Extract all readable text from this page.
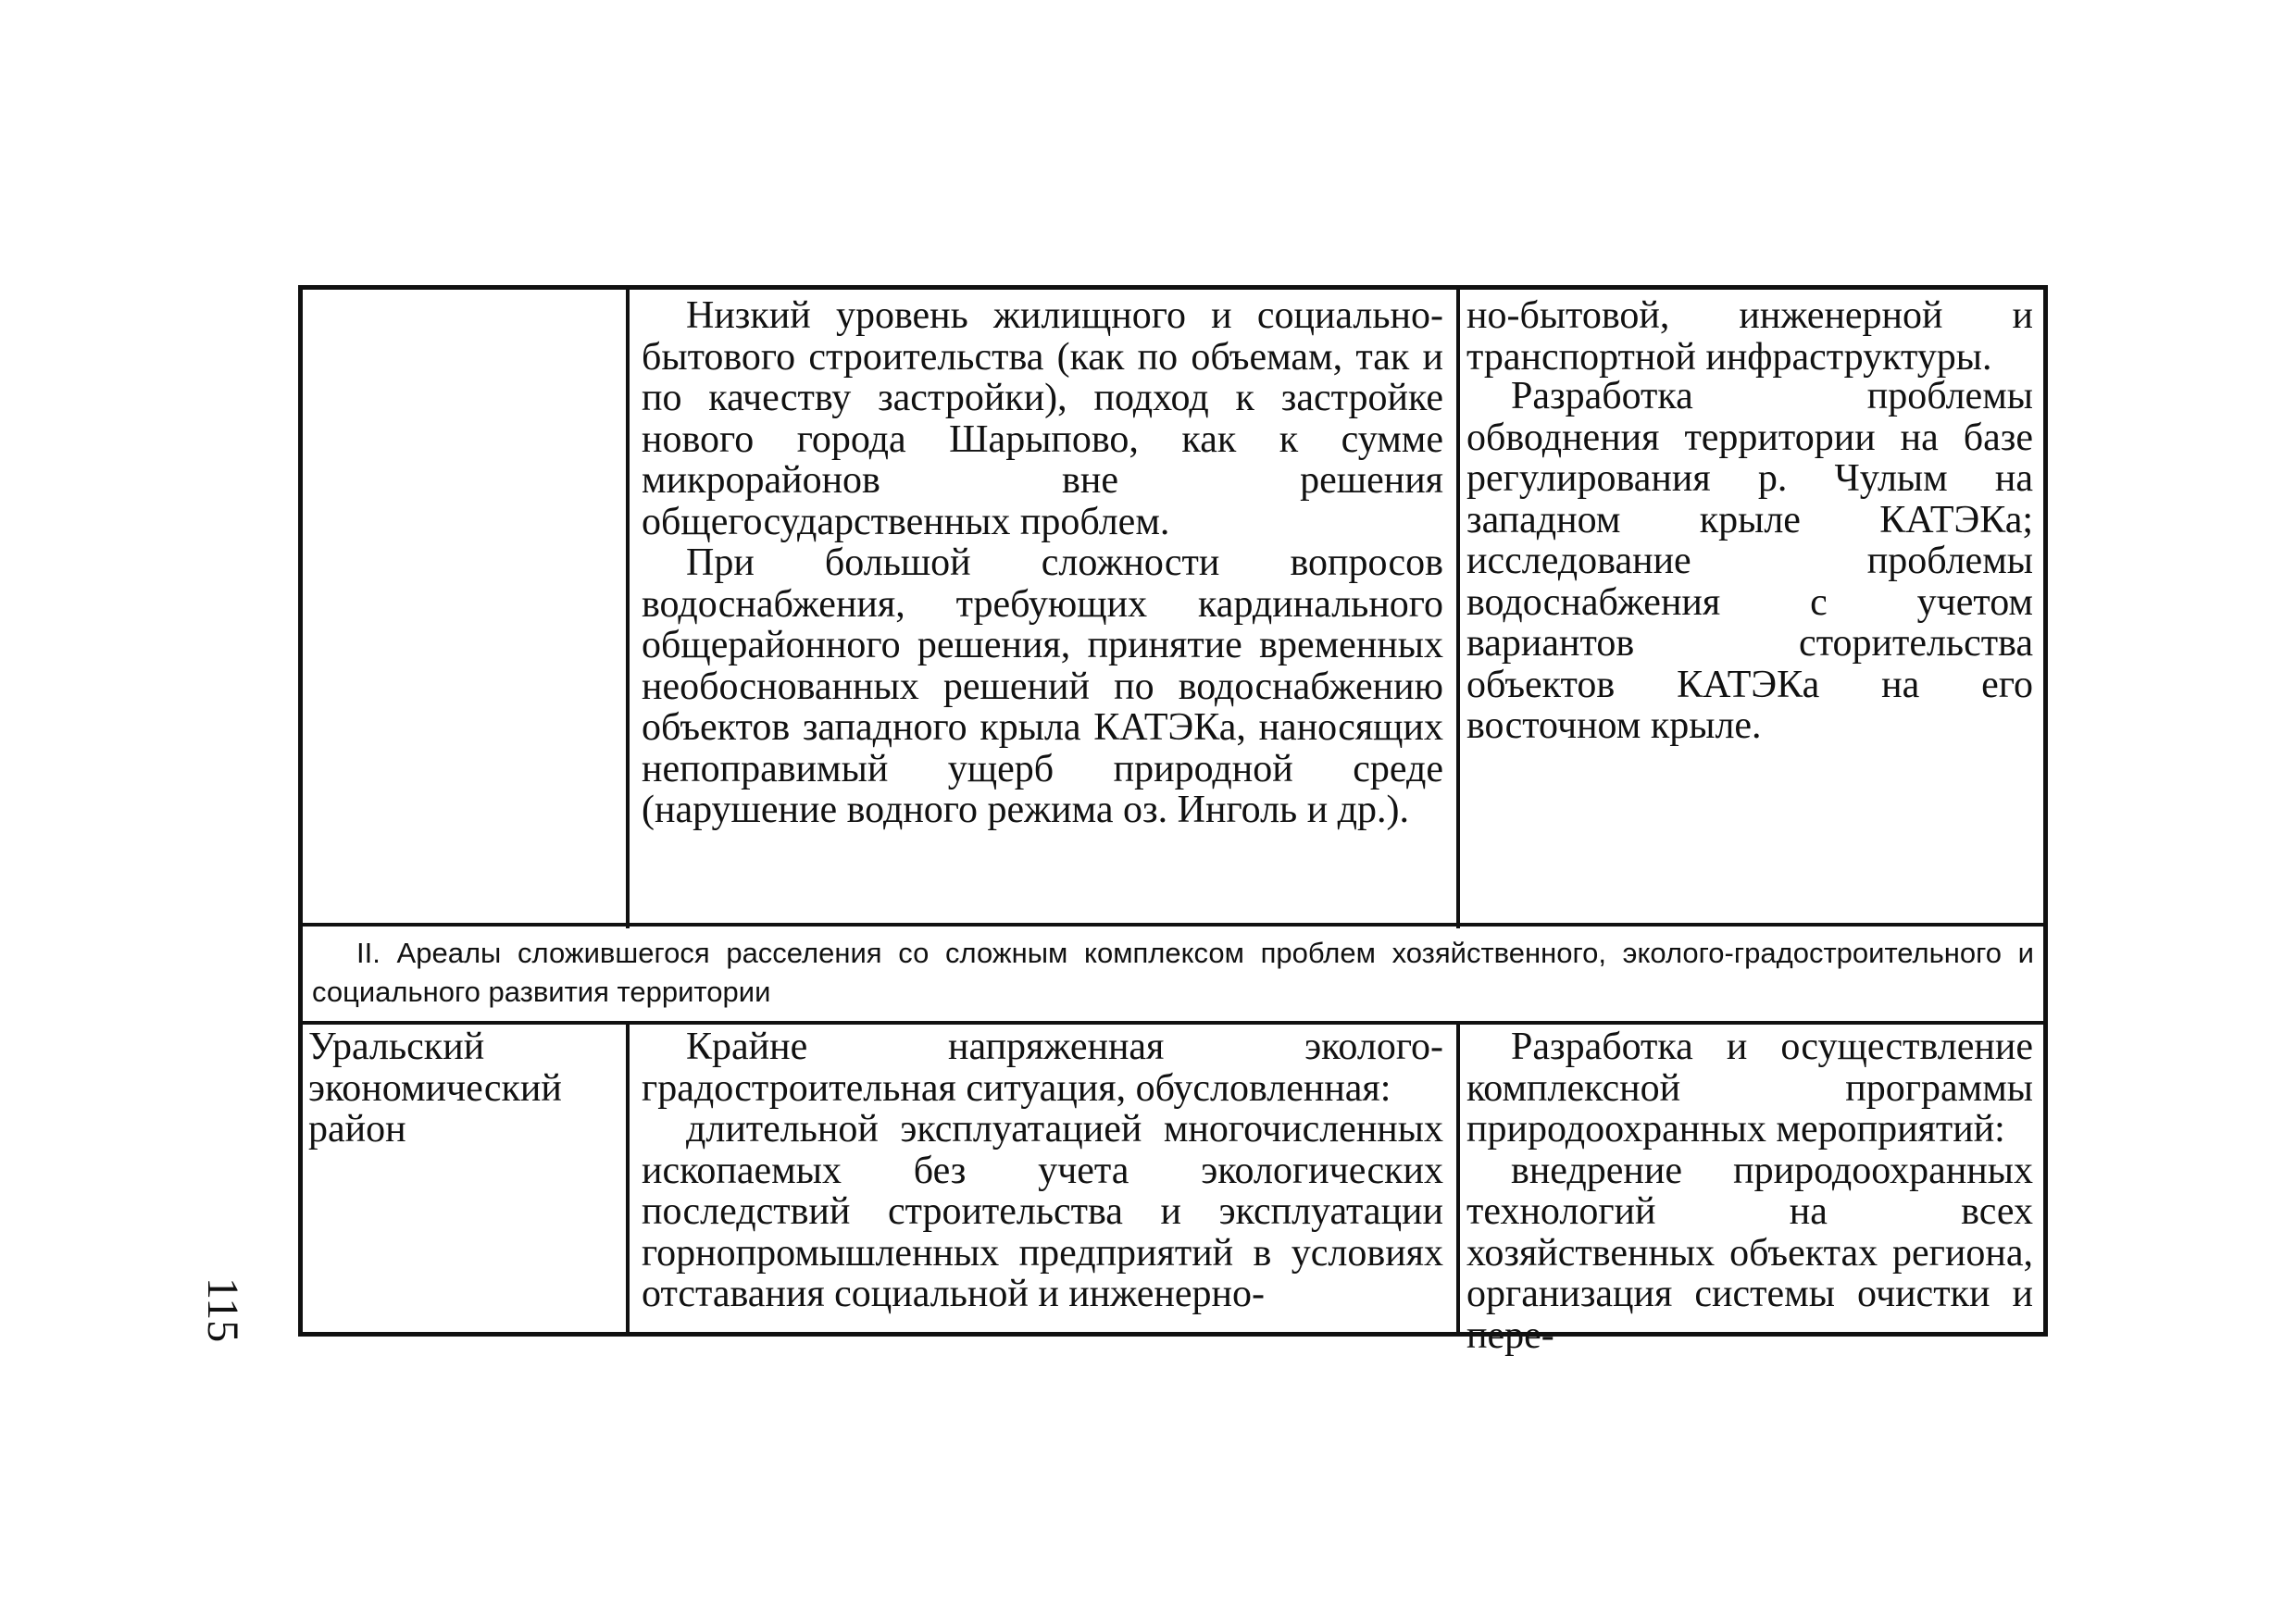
Низкий уровень жилищного и социально-бытового строительства (как по объемам, так и по качеству застройки), подход к застройке нового города Шарыпово, как к сумме микрорайонов вне решения общегосударственных проблем.

При большой сложности вопросов водоснабжения, требующих кардинального общерайонного решения, принятие временных необоснованных решений по водоснабжению объектов западного крыла КАТЭКа, наносящих непоправимый ущерб природной среде (нарушение водного режима оз. Инголь и др.).

но-бытовой, инженерной и транспортной инфраструктуры.

Разработка проблемы обводнения территории на базе регулирования р. Чулым на западном крыле КАТЭКа; исследование проблемы водоснабжения с учетом вариантов сторительства объектов КАТЭКа на его восточном крыле.

II. Ареалы сложившегося расселения со сложным комплексом проблем хозяйственного, эколого-градостроительного и социального развития территории

Уральский экономический район

Крайне напряженная эколого-градостроительная ситуация, обусловленная:

длительной эксплуатацией многочисленных ископаемых без учета экологических последствий строительства и эксплуатации горнопромышленных предприятий в условиях отставания социальной и инженерно-

Разработка и осуществление комплексной программы природоохранных мероприятий:

внедрение природоохранных технологий на всех хозяйственных объектах региона, организация системы очистки и пере-

115
